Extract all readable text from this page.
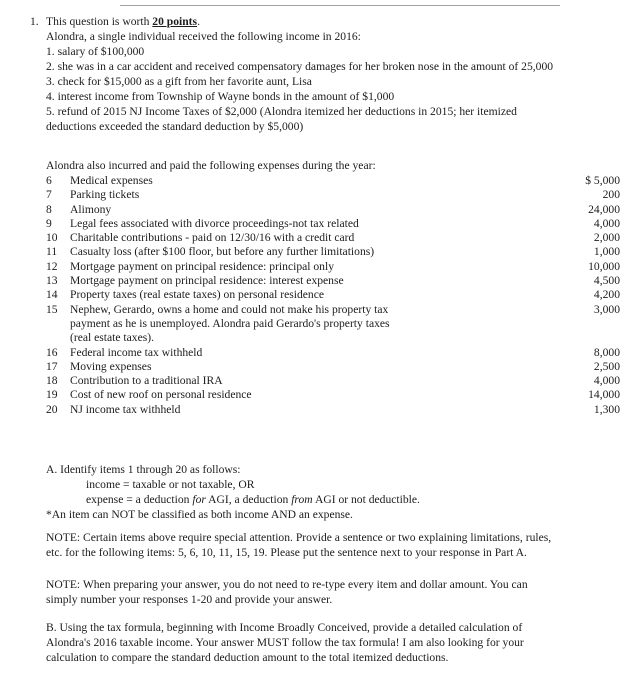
1. This question is worth 20 points.
Alondra, a single individual received the following income in 2016:
1. salary of $100,000
2. she was in a car accident and received compensatory damages for her broken nose in the amount of 25,000
3. check for $15,000 as a gift from her favorite aunt, Lisa
4. interest income from Township of Wayne bonds in the amount of $1,000
5. refund of 2015 NJ Income Taxes of $2,000 (Alondra itemized her deductions in 2015; her itemized
deductions exceeded the standard deduction by $5,000)
Alondra also incurred and paid the following expenses during the year:
6	Medical expenses	$ 5,000
7	Parking tickets	200
8	Alimony	24,000
9	Legal fees associated with divorce proceedings-not tax related	4,000
10	Charitable contributions - paid on 12/30/16 with a credit card	2,000
11	Casualty loss (after $100 floor, but before any further limitations)	1,000
12	Mortgage payment on principal residence: principal only	10,000
13	Mortgage payment on principal residence: interest expense	4,500
14	Property taxes (real estate taxes) on personal residence	4,200
15	Nephew, Gerardo, owns a home and could not make his property tax	3,000
payment as he is unemployed. Alondra paid Gerardo's property taxes
(real estate taxes).
16	Federal income tax withheld	8,000
17	Moving expenses	2,500
18	Contribution to a traditional IRA	4,000
19	Cost of new roof on personal residence	14,000
20	NJ income tax withheld	1,300
A. Identify items 1 through 20 as follows:
income = taxable or not taxable, OR
expense = a deduction for AGI, a deduction from AGI or not deductible.
*An item can NOT be classified as both income AND an expense.
NOTE: Certain items above require special attention. Provide a sentence or two explaining limitations, rules,
etc. for the following items: 5, 6, 10, 11, 15, 19. Please put the sentence next to your response in Part A.
NOTE: When preparing your answer, you do not need to re-type every item and dollar amount. You can
simply number your responses 1-20 and provide your answer.
B. Using the tax formula, beginning with Income Broadly Conceived, provide a detailed calculation of
Alondra's 2016 taxable income. Your answer MUST follow the tax formula! I am also looking for your
calculation to compare the standard deduction amount to the total itemized deductions.
